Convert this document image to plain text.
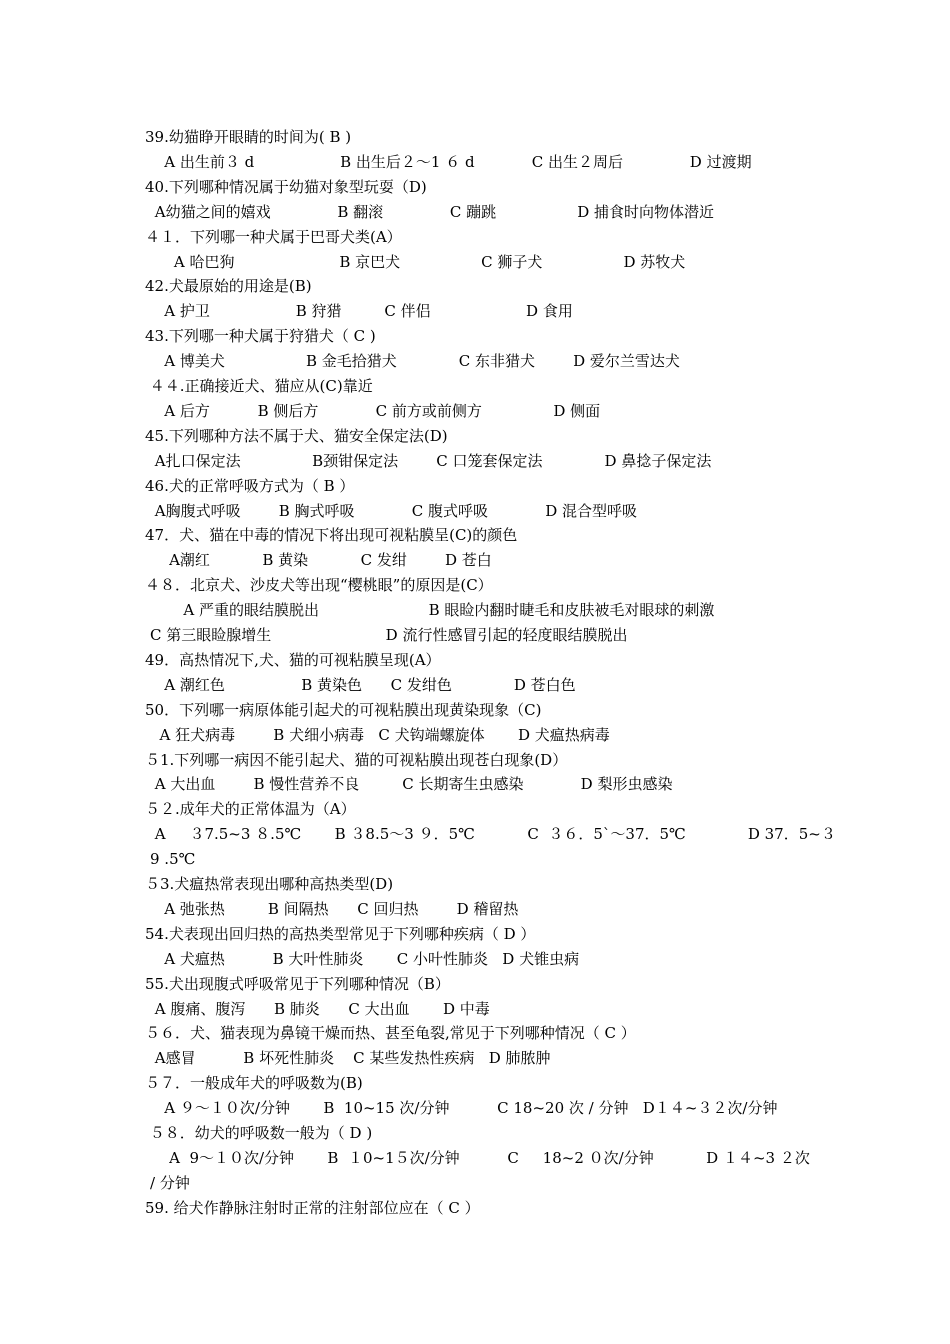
39.幼猫睁开眼睛的时间为( B )
A 出生前３ d                  B 出生后２～1 ６ d            C 出生２周后              D 过渡期
40.下列哪种情况属于幼猫对象型玩耍（D)
A幼猫之间的嬉戏              B 翻滚              C 蹦跳                 D 捕食时向物体潜近
４１．下列哪一种犬属于巴哥犬类(A）
A 哈巴狗                      B 京巴犬                 C 狮子犬                 D 苏牧犬
42.犬最原始的用途是(B)
A 护卫                  B 狩猎         C 伴侣                    D 食用
43.下列哪一种犬属于狩猎犬（ C )
A 博美犬                 B 金毛拾猎犬             C 东非猎犬        D 爱尔兰雪达犬
４４.正确接近犬、猫应从(C)靠近
A 后方          B 侧后方            C 前方或前侧方               D 侧面
45.下列哪种方法不属于犬、猫安全保定法(D)
A扎口保定法               B颈钳保定法        C 口笼套保定法             D 鼻捻子保定法
46.犬的正常呼吸方式为（ B ）
A胸腹式呼吸        B 胸式呼吸            C 腹式呼吸            D 混合型呼吸
47．犬、猫在中毒的情况下将出现可视粘膜呈(C)的颜色
A潮红           B 黄染           C 发绀        D 苍白
４８．北京犬、沙皮犬等出现“樱桃眼”的原因是(C）
A 严重的眼结膜脱出                       B 眼睑内翻时睫毛和皮肤被毛对眼球的刺激
C 第三眼睑腺增生                        D 流行性感冒引起的轻度眼结膜脱出
49．高热情况下,犬、猫的可视粘膜呈现(A）
A 潮红色                B 黄染色      C 发绀色             D 苍白色
50．下列哪一病原体能引起犬的可视粘膜出现黄染现象（C)
A 狂犬病毒        B 犬细小病毒   C 犬钩端螺旋体       D 犬瘟热病毒
５1.下列哪一病因不能引起犬、猫的可视粘膜出现苍白现象(D）
A 大出血        B 慢性营养不良         C 长期寄生虫感染            D 梨形虫感染
５２.成年犬的正常体温为（A）
A     ３7.5~3 ８.5℃       B ３8.5～3 ９．5℃           C  ３６．5`～37．5℃             D 37．5~３
9 .5℃
５3.犬瘟热常表现出哪种高热类型(D)
A 弛张热         B 间隔热      C 回归热        D 稽留热
54.犬表现出回归热的高热类型常见于下列哪种疾病（ D ）
A 犬瘟热          B 大叶性肺炎       C 小叶性肺炎   D 犬锥虫病
55.犬出现腹式呼吸常见于下列哪种情况（B）
A 腹痛、腹泻      B 肺炎      C 大出血       D 中毒
５６．犬、猫表现为鼻镜干燥而热、甚至龟裂,常见于下列哪种情况（ C ）
A感冒          B 坏死性肺炎    C 某些发热性疾病   D 肺脓肿
５７．一般成年犬的呼吸数为(B)
A ９～１０次/分钟       B  10~15 次/分钟          C 18~20 次 / 分钟   D１４~３２次/分钟
５８．幼犬的呼吸数一般为（ D )
A  9～１０次/分钟       B  １0~1５次/分钟          C     18~2 ０次/分钟           D １４~3 ２次
/ 分钟
59. 给犬作静脉注射时正常的注射部位应在（ C ）
